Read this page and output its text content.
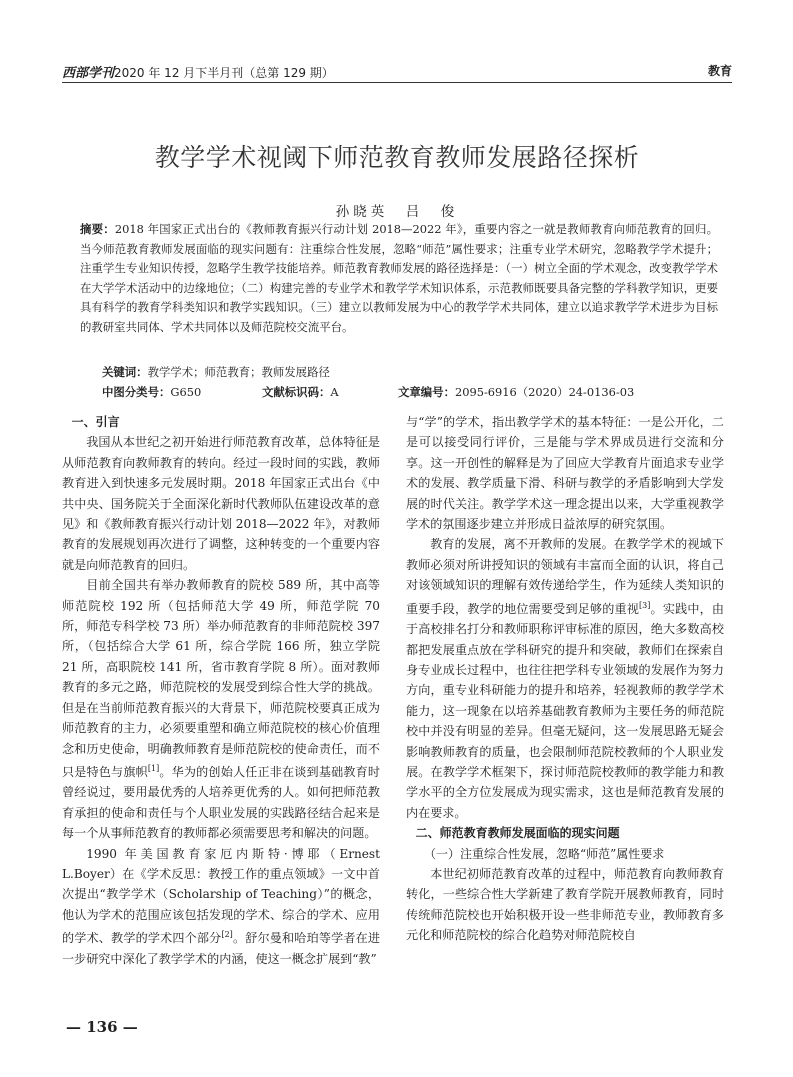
西部学刊2020 年 12 月下半月刊（总第 129 期）	教育
教学学术视阈下师范教育教师发展路径探析
孙晓英　吕　俊
摘要：2018 年国家正式出台的《教师教育振兴行动计划 2018—2022 年》，重要内容之一就是教师教育向师范教育的回归。当今师范教育教师发展面临的现实问题有：注重综合性发展，忽略“师范”属性要求；注重专业学术研究，忽略教学学术提升；注重学生专业知识传授，忽略学生教学技能培养。师范教育教师发展的路径选择是：（一）树立全面的学术观念，改变教学学术在大学学术活动中的边缘地位；（二）构建完善的专业学术和教学学术知识体系，示范教师既要具备完整的学科教学知识，更要具有科学的教育学科类知识和教学实践知识。（三）建立以教师发展为中心的教学学术共同体，建立以追求教学学术进步为目标的教研室共同体、学术共同体以及师范院校交流平台。
关键词：教学学术；师范教育；教师发展路径
中图分类号：G650	文献标识码：A	文章编号：2095-6916（2020）24-0136-03

一、引言

我国从本世纪之初开始进行师范教育改革，总体特征是从师范教育向教师教育的转向。经过一段时间的实践，教师教育进入到快速多元发展时期。2018 年国家正式出台《中共中央、国务院关于全面深化新时代教师队伍建设改革的意见》和《教师教育振兴行动计划 2018—2022 年》，对教师教育的发展规划再次进行了调整，这种转变的一个重要内容就是向师范教育的回归。

目前全国共有举办教师教育的院校 589 所，其中高等师范院校 192 所（包括师范大学 49 所，师范学院 70 所，师范专科学校 73 所）举办师范教育的非师范院校 397 所，（包括综合大学 61 所，综合学院 166 所，独立学院 21 所，高职院校 141 所，省市教育学院 8 所）。面对教师教育的多元之路，师范院校的发展受到综合性大学的挑战。但是在当前师范教育振兴的大背景下，师范院校要真正成为师范教育的主力，必须要重塑和确立师范院校的核心价值理念和历史使命，明确教师教育是师范院校的使命责任，而不只是特色与旗帜[1]。华为的创始人任正非在谈到基础教育时曾经说过，要用最优秀的人培养更优秀的人。如何把师范教育承担的使命和责任与个人职业发展的实践路径结合起来是每一个从事师范教育的教师都必须需要思考和解决的问题。

1990 年美国教育家厄内斯特·博耶（Ernest L.Boyer）在《学术反思：教授工作的重点领域》一文中首次提出“教学学术（Scholarship of Teaching）”的概念，他认为学术的范围应该包括发现的学术、综合的学术、应用的学术、教学的学术四个部分[2]。舒尔曼和哈珀等学者在进一步研究中深化了教学学术的内涵，使这一概念扩展到“教”

与“学”的学术，指出教学学术的基本特征：一是公开化，二是可以接受同行评价，三是能与学术界成员进行交流和分享。这一开创性的解释是为了回应大学教育片面追求专业学术的发展、教学质量下滑、科研与教学的矛盾影响到大学发展的时代关注。教学学术这一理念提出以来，大学重视教学学术的氛围逐步建立并形成日益浓厚的研究氛围。

教育的发展，离不开教师的发展。在教学学术的视域下教师必须对所讲授知识的领域有丰富而全面的认识，将自己对该领域知识的理解有效传递给学生，作为延续人类知识的重要手段，教学的地位需要受到足够的重视[3]。实践中，由于高校排名打分和教师职称评审标准的原因，绝大多数高校都把发展重点放在学科研究的提升和突破，教师们在探索自身专业成长过程中，也往往把学科专业领域的发展作为努力方向，重专业科研能力的提升和培养，轻视教师的教学学术能力，这一现象在以培养基础教育教师为主要任务的师范院校中并没有明显的差异。但毫无疑问，这一发展思路无疑会影响教师教育的质量，也会限制师范院校教师的个人职业发展。在教学学术框架下，探讨师范院校教师的教学能力和教学水平的全方位发展成为现实需求，这也是师范教育发展的内在要求。

二、师范教育教师发展面临的现实问题

（一）注重综合性发展，忽略“师范”属性要求

本世纪初师范教育改革的过程中，师范教育向教师教育转化，一些综合性大学新建了教育学院开展教师教育，同时传统师范院校也开始积极开设一些非师范专业，教师教育多元化和师范院校的综合化趋势对师范院校自

— 136 —
